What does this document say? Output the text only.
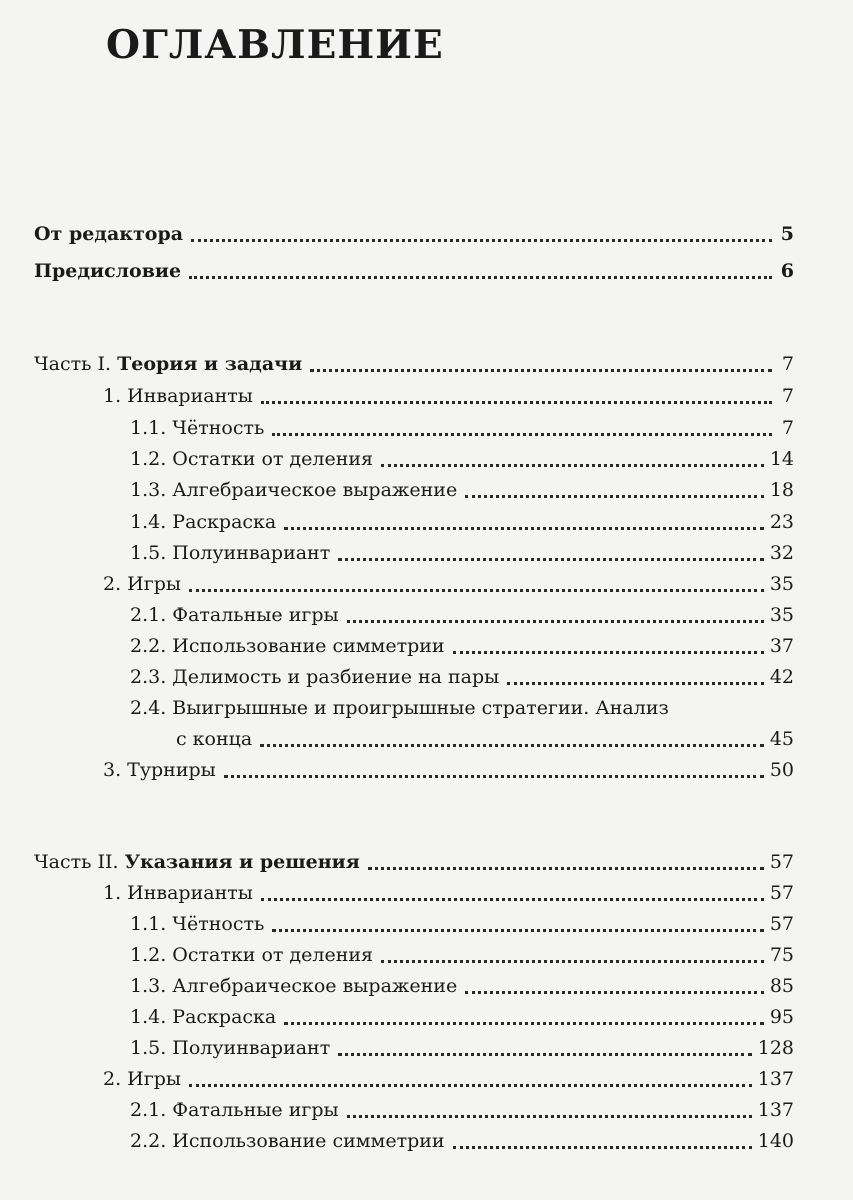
ОГЛАВЛЕНИЕ
От редактора	5
Предисловие	6
Часть I. Теория и задачи	7
1. Инварианты	7
1.1. Чётность	7
1.2. Остатки от деления	14
1.3. Алгебраическое выражение	18
1.4. Раскраска	23
1.5. Полуинвариант	32
2. Игры	35
2.1. Фатальные игры	35
2.2. Использование симметрии	37
2.3. Делимость и разбиение на пары	42
2.4. Выигрышные и проигрышные стратегии. Анализ
с конца	45
3. Турниры	50
Часть II. Указания и решения	57
1. Инварианты	57
1.1. Чётность	57
1.2. Остатки от деления	75
1.3. Алгебраическое выражение	85
1.4. Раскраска	95
1.5. Полуинвариант	128
2. Игры	137
2.1. Фатальные игры	137
2.2. Использование симметрии	140
